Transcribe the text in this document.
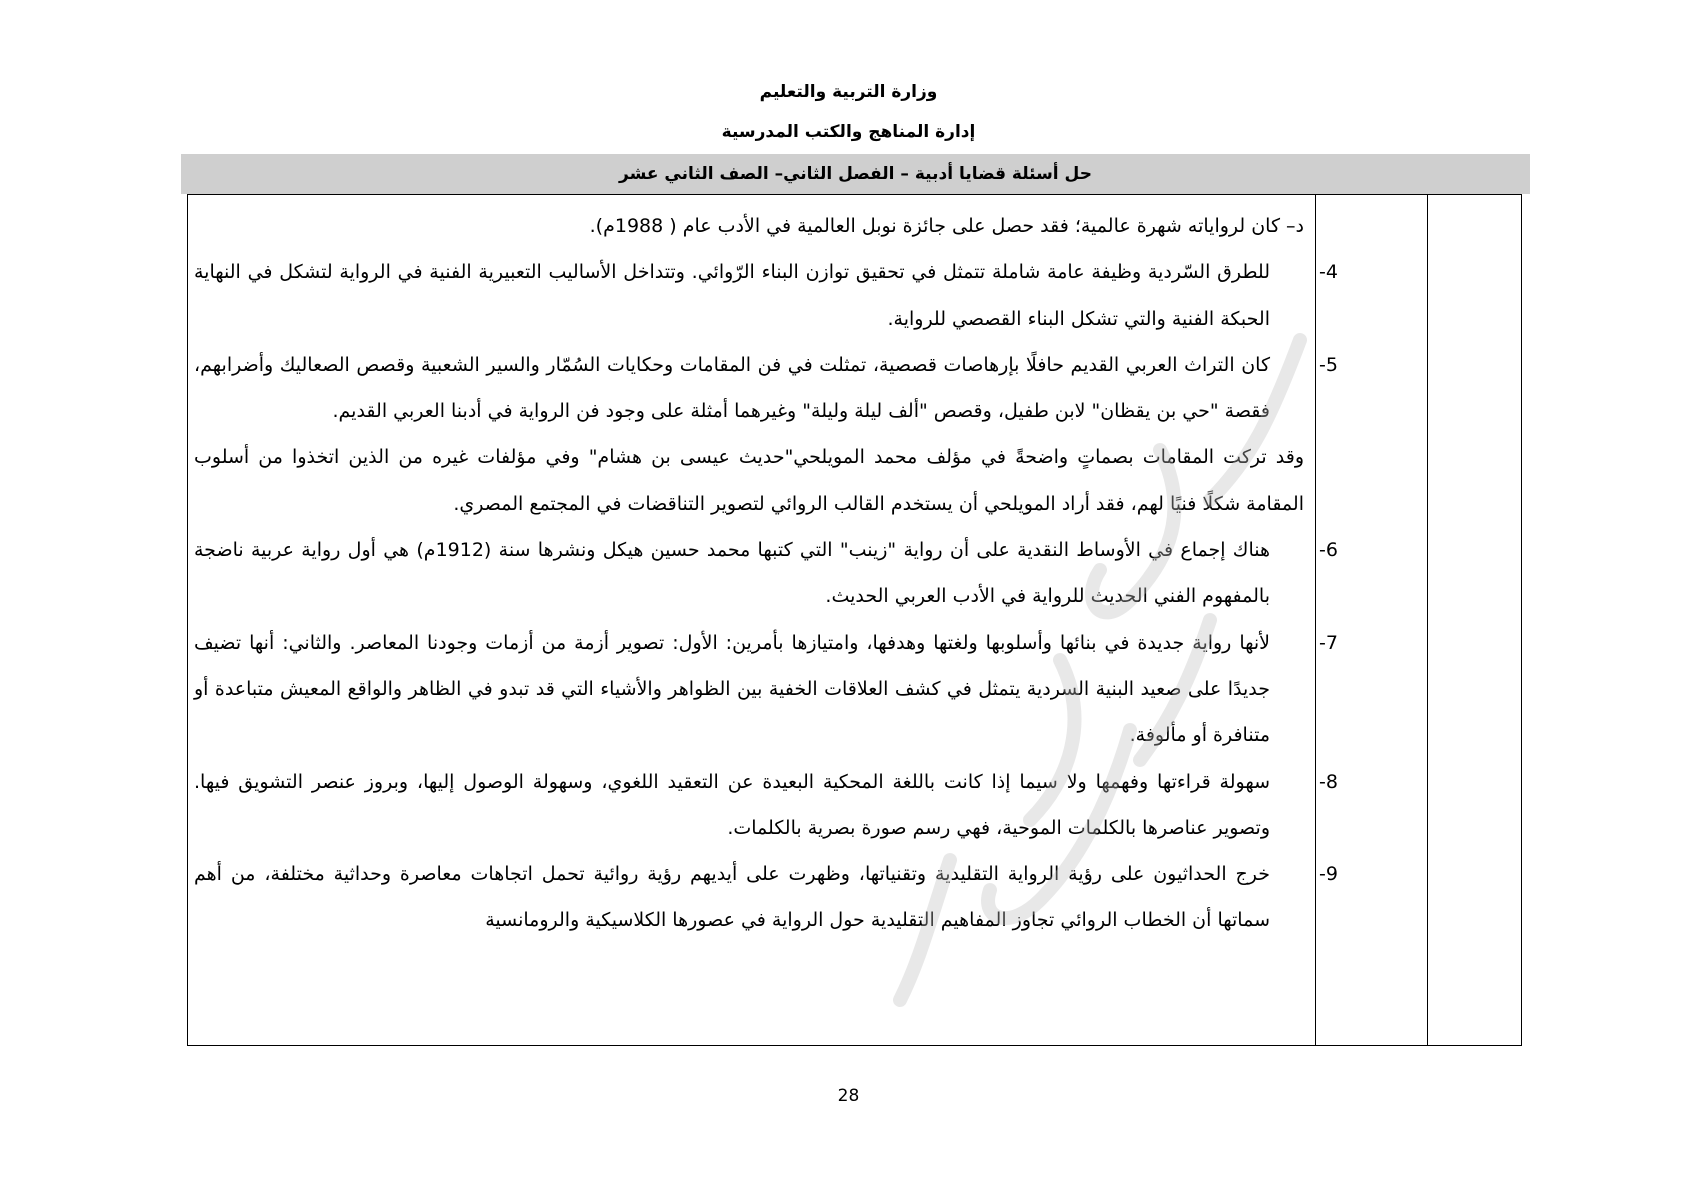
وزارة التربية والتعليم
إدارة المناهج والكتب المدرسية
حل أسئلة قضايا أدبية – الفصل الثاني– الصف الثاني عشر

د– كان لرواياته شهرة عالمية؛ فقد حصل على جائزة نوبل العالمية في الأدب عام ( 1988م).

4-للطرق السّردية وظيفة عامة شاملة تتمثل في تحقيق توازن البناء الرّوائي. وتتداخل الأساليب التعبيرية الفنية في الرواية لتشكل في النهاية الحبكة الفنية والتي تشكل البناء القصصي للرواية.

5-كان التراث العربي القديم حافلًا بإرهاصات قصصية، تمثلت في فن المقامات وحكايات السُمّار والسير الشعبية وقصص الصعاليك وأضرابهم، فقصة "حي بن يقظان" لابن طفيل، وقصص "ألف ليلة وليلة" وغيرهما أمثلة على وجود فن الرواية في أدبنا العربي القديم.

وقد تركت المقامات بصماتٍ واضحةً في مؤلف محمد المويلحي"حديث عيسى بن هشام" وفي مؤلفات غيره من الذين اتخذوا من أسلوب المقامة شكلًا فنيًا لهم، فقد أراد المويلحي أن يستخدم القالب الروائي لتصوير التناقضات في المجتمع المصري.

6-هناك إجماع في الأوساط النقدية على أن رواية "زينب" التي كتبها محمد حسين هيكل ونشرها سنة (1912م) هي أول رواية عربية ناضجة بالمفهوم الفني الحديث للرواية في الأدب العربي الحديث.

7-لأنها رواية جديدة في بنائها وأسلوبها ولغتها وهدفها، وامتيازها بأمرين: الأول: تصوير أزمة من أزمات وجودنا المعاصر. والثاني: أنها تضيف جديدًا على صعيد البنية السردية يتمثل في كشف العلاقات الخفية بين الظواهر والأشياء التي قد تبدو في الظاهر والواقع المعيش متباعدة أو متنافرة أو مألوفة.

8-سهولة قراءتها وفهمها ولا سيما إذا كانت باللغة المحكية البعيدة عن التعقيد اللغوي، وسهولة الوصول إليها، وبروز عنصر التشويق فيها. وتصوير عناصرها بالكلمات الموحية، فهي رسم صورة بصرية بالكلمات.

9-خرج الحداثيون على رؤية الرواية التقليدية وتقنياتها، وظهرت على أيديهم رؤية روائية تحمل اتجاهات معاصرة وحداثية مختلفة، من أهم سماتها أن الخطاب الروائي تجاوز المفاهيم التقليدية حول الرواية في عصورها الكلاسيكية والرومانسية

28
